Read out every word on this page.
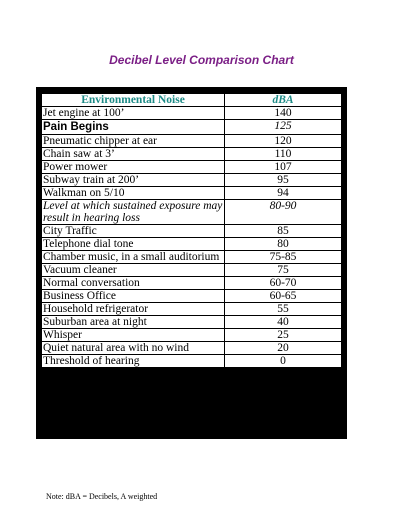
Decibel Level Comparison Chart
Environmental Noise	dBA
Jet engine at 100’	140
Pain Begins	125
Pneumatic chipper at ear	120
Chain saw at 3’	110
Power mower	107
Subway train at 200’	95
Walkman on 5/10	94
Level at which sustained exposure may result in hearing loss	80-90
City Traffic	85
Telephone dial tone	80
Chamber music, in a small auditorium	75-85
Vacuum cleaner	75
Normal conversation	60-70
Business Office	60-65
Household refrigerator	55
Suburban area at night	40
Whisper	25
Quiet natural area with no wind	20
Threshold of hearing	0
Note: dBA = Decibels, A weighted
